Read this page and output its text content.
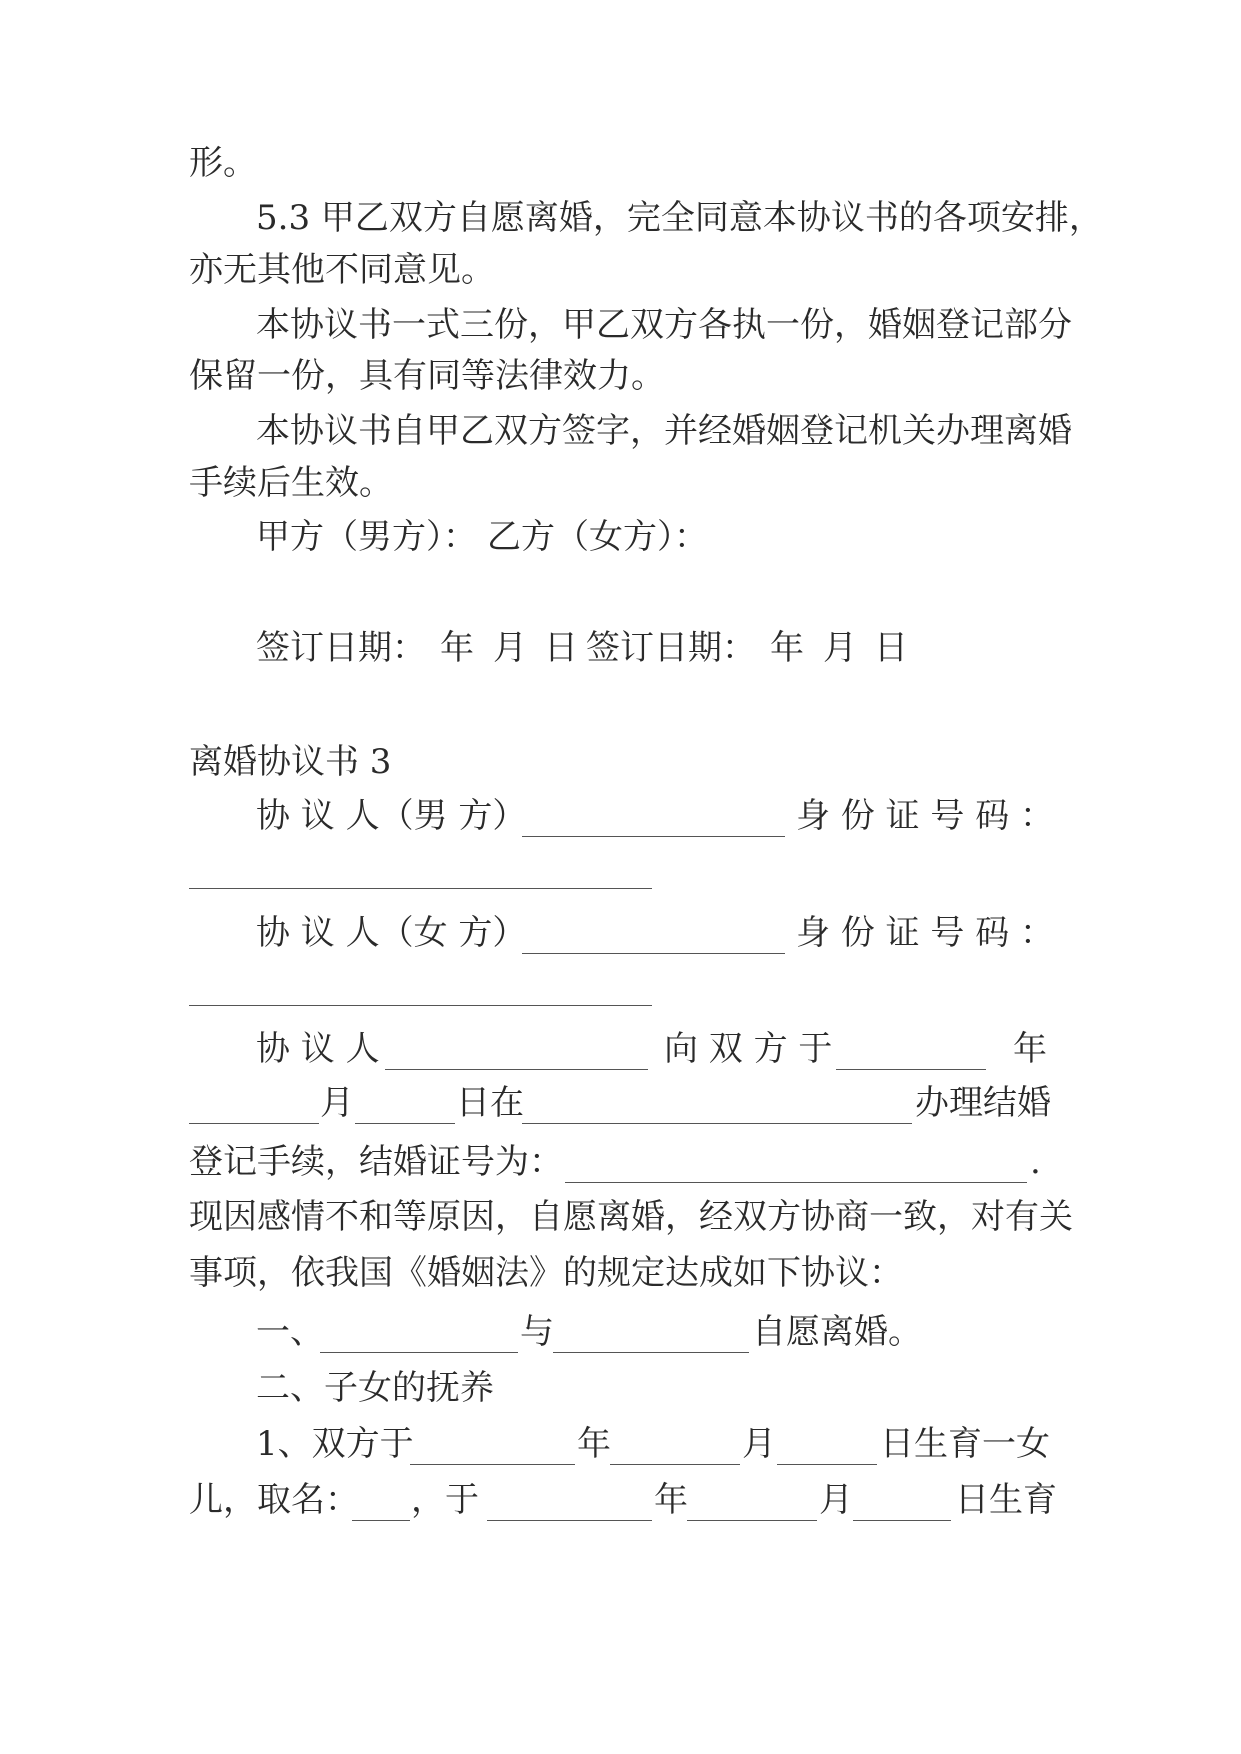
形。
5.3 甲乙双方自愿离婚，完全同意本协议书的各项安排，
亦无其他不同意见。
本协议书一式三份，甲乙双方各执一份，婚姻登记部分
保留一份，具有同等法律效力。
本协议书自甲乙双方签字，并经婚姻登记机关办理离婚
手续后生效。
甲方（男方）： 乙方（女方）：
签订日期： 年 月 日 签订日期： 年 月 日
离婚协议书 3
协 议 人（男 方）	身 份 证 号 码 ：
协 议 人（女 方）	身 份 证 号 码 ：
协 议 人	向 双 方 于	年
月	日在	办理结婚
登记手续，结婚证号为：	.
现因感情不和等原因，自愿离婚，经双方协商一致，对有关
事项，依我国《婚姻法》的规定达成如下协议：
一、	与	自愿离婚。
二、子女的抚养
1、双方于	年	月	日生育一女
儿，取名： ，于	年	月	日生育
